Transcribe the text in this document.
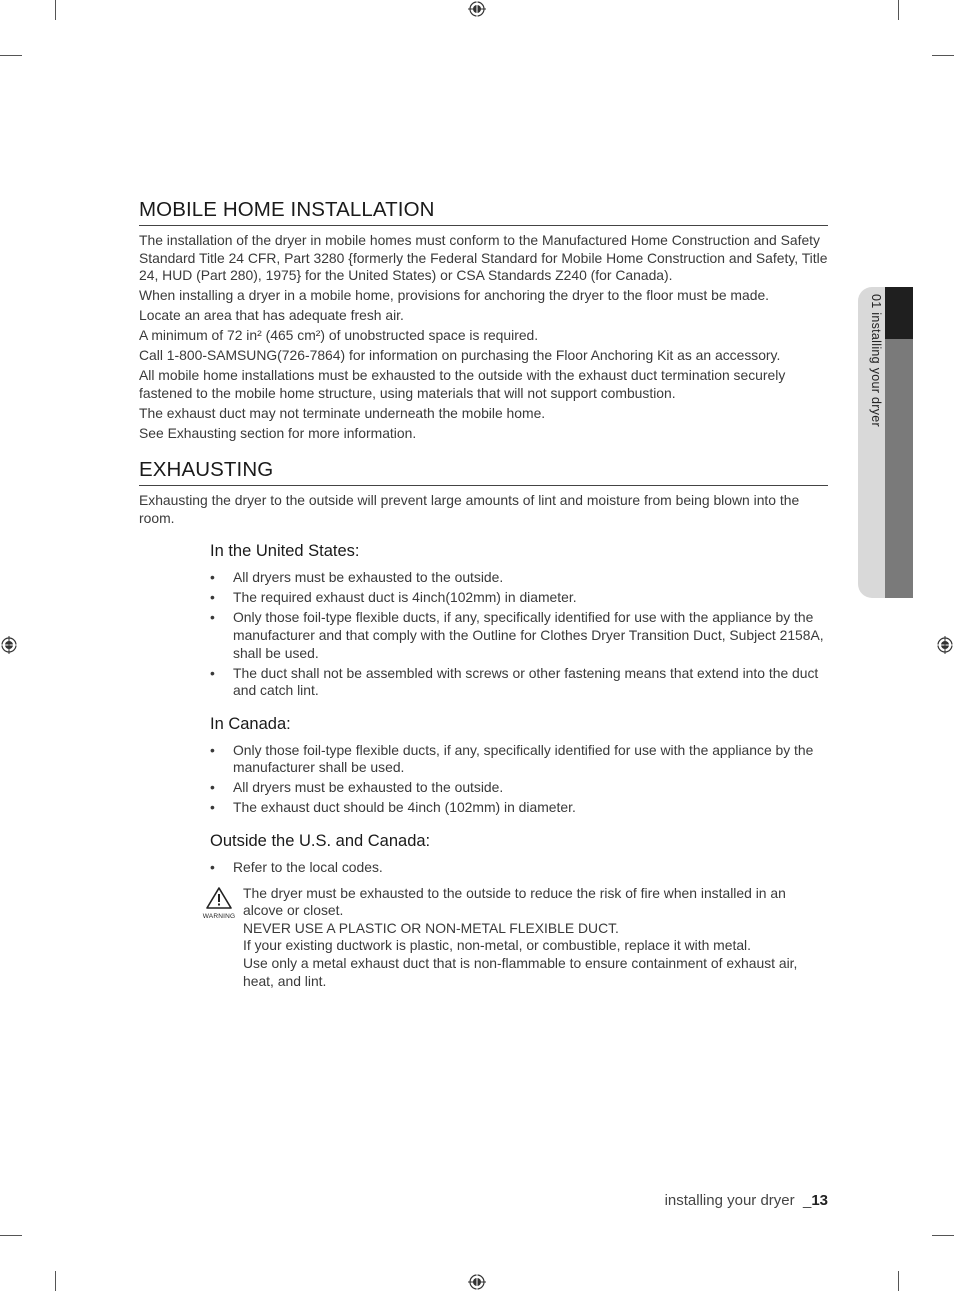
01 installing your dryer
MOBILE HOME INSTALLATION

The installation of the dryer in mobile homes must conform to the Manufactured Home Construction and Safety Standard Title 24 CFR, Part 3280 {formerly the Federal Standard for Mobile Home Construction and Safety, Title 24, HUD (Part 280), 1975} for the United States) or CSA Standards Z240 (for Canada).

When installing a dryer in a mobile home, provisions for anchoring the dryer to the floor must be made.

Locate an area that has adequate fresh air.

A minimum of 72 in² (465 cm²) of unobstructed space is required.

Call 1-800-SAMSUNG(726-7864) for information on purchasing the Floor Anchoring Kit as an accessory.

All mobile home installations must be exhausted to the outside with the exhaust duct termination securely fastened to the mobile home structure, using materials that will not support combustion.

The exhaust duct may not terminate underneath the mobile home.

See Exhausting section for more information.

EXHAUSTING

Exhausting the dryer to the outside will prevent large amounts of lint and moisture from being blown into the room.

In the United States:
• All dryers must be exhausted to the outside.
• The required exhaust duct is 4inch(102mm) in diameter.
• Only those foil-type flexible ducts, if any, specifically identified for use with the appliance by the manufacturer and that comply with the Outline for Clothes Dryer Transition Duct, Subject 2158A, shall be used.
• The duct shall not be assembled with screws or other fastening means that extend into the duct and catch lint.
In Canada:
• Only those foil-type flexible ducts, if any, specifically identified for use with the appliance by the manufacturer shall be used.
• All dryers must be exhausted to the outside.
• The exhaust duct should be 4inch (102mm) in diameter.
Outside the U.S. and Canada:
• Refer to the local codes.
WARNING

The dryer must be exhausted to the outside to reduce the risk of fire when installed in an alcove or closet.

NEVER USE A PLASTIC OR NON-METAL FLEXIBLE DUCT.

If your existing ductwork is plastic, non-metal, or combustible, replace it with metal.

Use only a metal exhaust duct that is non-flammable to ensure containment of exhaust air, heat, and lint.

installing your dryer  _13
